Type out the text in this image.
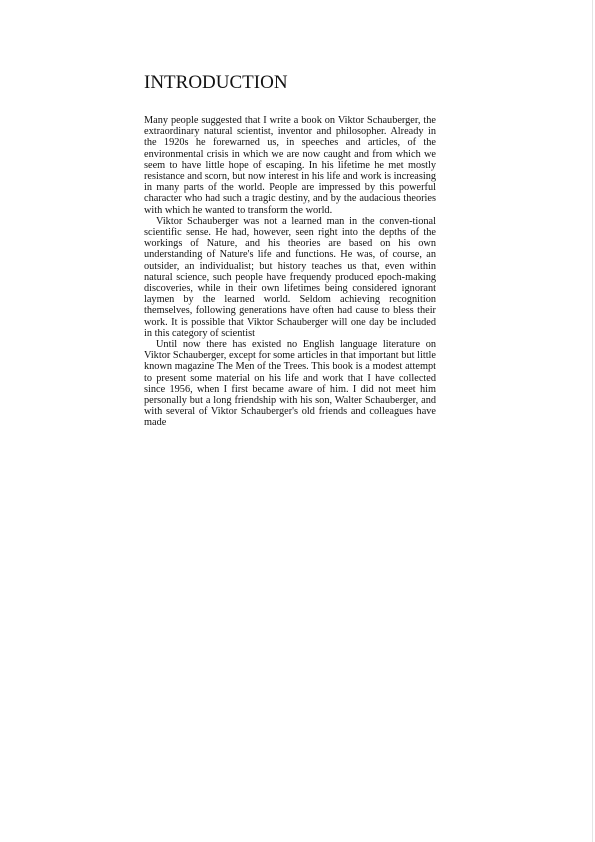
INTRODUCTION

Many people suggested that I write a book on Viktor Schauberger, the extraordinary natural scientist, inventor and philosopher. Already in the 1920s he forewarned us, in speeches and articles, of the environmental crisis in which we are now caught and from which we seem to have little hope of escaping. In his lifetime he met mostly resistance and scorn, but now interest in his life and work is increasing in many parts of the world. People are impressed by this powerful character who had such a tragic destiny, and by the audacious theories with which he wanted to transform the world.

Viktor Schauberger was not a learned man in the conven-tional scientific sense. He had, however, seen right into the depths of the workings of Nature, and his theories are based on his own understanding of Nature's life and functions. He was, of course, an outsider, an individualist; but history teaches us that, even within natural science, such people have frequendy produced epoch-making discoveries, while in their own lifetimes being considered ignorant laymen by the learned world. Seldom achieving recognition themselves, following generations have often had cause to bless their work. It is possible that Viktor Schauberger will one day be included in this category of scientist

Until now there has existed no English language literature on Viktor Schauberger, except for some articles in that important but little known magazine The Men of the Trees. This book is a modest attempt to present some material on his life and work that I have collected since 1956, when I first became aware of him. I did not meet him personally but a long friendship with his son, Walter Schauberger, and with several of Viktor Schauberger's old friends and colleagues have made
